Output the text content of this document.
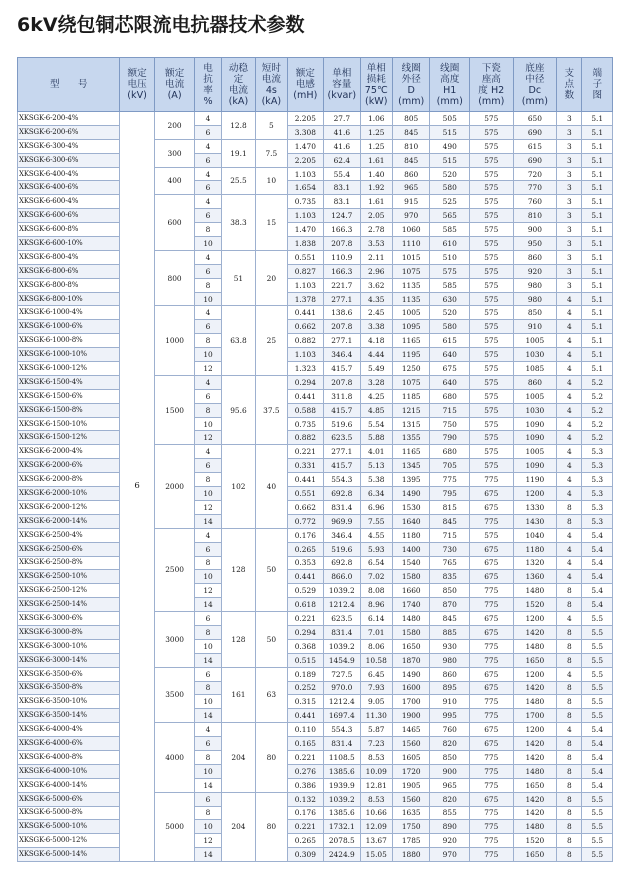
6kV绕包铜芯限流电抗器技术参数
型      号	额定
电压
(kV)	额定
电流
(A)	电
抗
率
%	动稳
定
电流
(kA)	短时
电流
4s
(kA)	额定
电感
(mH)	单相
容量
(kvar)	单相
损耗
75℃
(kW)	线圈
外径
D
(mm)	线圈
高度
H1
(mm)	下瓷
座高
度 H2
(mm)	底座
中径
Dc
(mm)	支
点
数	端
子
图

XKSGK-6-200-4%	6	200	4	12.8	5	2.205	27.7	1.06	805	505	575	650	3	5.1
XKSGK-6-200-6%			6			3.308	41.6	1.25	845	515	575	690	3	5.1
XKSGK-6-300-4%		300	4	19.1	7.5	1.470	41.6	1.25	810	490	575	615	3	5.1
XKSGK-6-300-6%			6			2.205	62.4	1.61	845	515	575	690	3	5.1
XKSGK-6-400-4%		400	4	25.5	10	1.103	55.4	1.40	860	520	575	720	3	5.1
XKSGK-6-400-6%			6			1.654	83.1	1.92	965	580	575	770	3	5.1
XKSGK-6-600-4%		600	4	38.3	15	0.735	83.1	1.61	915	525	575	760	3	5.1
XKSGK-6-600-6%			6			1.103	124.7	2.05	970	565	575	810	3	5.1
XKSGK-6-600-8%			8			1.470	166.3	2.78	1060	585	575	900	3	5.1
XKSGK-6-600-10%			10			1.838	207.8	3.53	1110	610	575	950	3	5.1
XKSGK-6-800-4%		800	4	51	20	0.551	110.9	2.11	1015	510	575	860	3	5.1
XKSGK-6-800-6%			6			0.827	166.3	2.96	1075	575	575	920	3	5.1
XKSGK-6-800-8%			8			1.103	221.7	3.62	1135	585	575	980	3	5.1
XKSGK-6-800-10%			10			1.378	277.1	4.35	1135	630	575	980	4	5.1
XKSGK-6-1000-4%		1000	4	63.8	25	0.441	138.6	2.45	1005	520	575	850	4	5.1
XKSGK-6-1000-6%			6			0.662	207.8	3.38	1095	580	575	910	4	5.1
XKSGK-6-1000-8%			8			0.882	277.1	4.18	1165	615	575	1005	4	5.1
XKSGK-6-1000-10%			10			1.103	346.4	4.44	1195	640	575	1030	4	5.1
XKSGK-6-1000-12%			12			1.323	415.7	5.49	1250	675	575	1085	4	5.1
XKSGK-6-1500-4%		1500	4	95.6	37.5	0.294	207.8	3.28	1075	640	575	860	4	5.2
XKSGK-6-1500-6%			6			0.441	311.8	4.25	1185	680	575	1005	4	5.2
XKSGK-6-1500-8%			8			0.588	415.7	4.85	1215	715	575	1030	4	5.2
XKSGK-6-1500-10%			10			0.735	519.6	5.54	1315	750	575	1090	4	5.2
XKSGK-6-1500-12%			12			0.882	623.5	5.88	1355	790	575	1090	4	5.2
XKSGK-6-2000-4%		2000	4	102	40	0.221	277.1	4.01	1165	680	575	1005	4	5.3
XKSGK-6-2000-6%			6			0.331	415.7	5.13	1345	705	575	1090	4	5.3
XKSGK-6-2000-8%			8			0.441	554.3	5.38	1395	775	775	1190	4	5.3
XKSGK-6-2000-10%			10			0.551	692.8	6.34	1490	795	675	1200	4	5.3
XKSGK-6-2000-12%			12			0.662	831.4	6.96	1530	815	675	1330	8	5.3
XKSGK-6-2000-14%			14			0.772	969.9	7.55	1640	845	775	1430	8	5.3
XKSGK-6-2500-4%		2500	4	128	50	0.176	346.4	4.55	1180	715	575	1040	4	5.4
XKSGK-6-2500-6%			6			0.265	519.6	5.93	1400	730	675	1180	4	5.4
XKSGK-6-2500-8%			8			0.353	692.8	6.54	1540	765	675	1320	4	5.4
XKSGK-6-2500-10%			10			0.441	866.0	7.02	1580	835	675	1360	4	5.4
XKSGK-6-2500-12%			12			0.529	1039.2	8.08	1660	850	775	1480	8	5.4
XKSGK-6-2500-14%			14			0.618	1212.4	8.96	1740	870	775	1520	8	5.4
XKSGK-6-3000-6%		3000	6	128	50	0.221	623.5	6.14	1480	845	675	1200	4	5.5
XKSGK-6-3000-8%			8			0.294	831.4	7.01	1580	885	675	1420	8	5.5
XKSGK-6-3000-10%			10			0.368	1039.2	8.06	1650	930	775	1480	8	5.5
XKSGK-6-3000-14%			14			0.515	1454.9	10.58	1870	980	775	1650	8	5.5
XKSGK-6-3500-6%		3500	6	161	63	0.189	727.5	6.45	1490	860	675	1200	4	5.5
XKSGK-6-3500-8%			8			0.252	970.0	7.93	1600	895	675	1420	8	5.5
XKSGK-6-3500-10%			10			0.315	1212.4	9.05	1700	910	775	1480	8	5.5
XKSGK-6-3500-14%			14			0.441	1697.4	11.30	1900	995	775	1700	8	5.5
XKSGK-6-4000-4%		4000	4	204	80	0.110	554.3	5.87	1465	760	675	1200	4	5.4
XKSGK-6-4000-6%			6			0.165	831.4	7.23	1560	820	675	1420	8	5.4
XKSGK-6-4000-8%			8			0.221	1108.5	8.53	1605	850	775	1420	8	5.4
XKSGK-6-4000-10%			10			0.276	1385.6	10.09	1720	900	775	1480	8	5.4
XKSGK-6-4000-14%			14			0.386	1939.9	12.81	1905	965	775	1650	8	5.4
XKSGK-6-5000-6%		5000	6	204	80	0.132	1039.2	8.53	1560	820	675	1420	8	5.5
XKSGK-6-5000-8%			8			0.176	1385.6	10.66	1635	855	775	1420	8	5.5
XKSGK-6-5000-10%			10			0.221	1732.1	12.09	1750	890	775	1480	8	5.5
XKSGK-6-5000-12%			12			0.265	2078.5	13.67	1785	920	775	1520	8	5.5
XKSGK-6-5000-14%			14			0.309	2424.9	15.05	1880	970	775	1650	8	5.5
